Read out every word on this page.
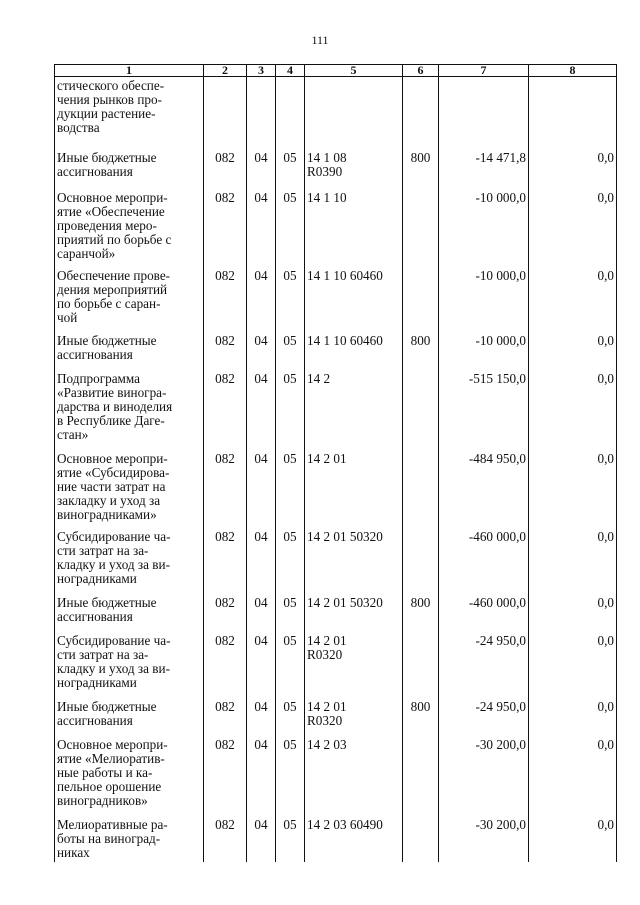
111
1	2	3	4	5	6	7	8

стического обеспе-
чения рынков про-
дукции растение-
водства							

Иные бюджетные
ассигнования	082	04	05	14 1 08
R0390	800	-14 471,8	0,0

Основное меропри-
ятие «Обеспечение
проведения меро-
приятий по борьбе с
саранчой»	082	04	05	14 1 10		-10 000,0	0,0

Обеспечение прове-
дения мероприятий
по борьбе с саран-
чой	082	04	05	14 1 10 60460		-10 000,0	0,0

Иные бюджетные
ассигнования	082	04	05	14 1 10 60460	800	-10 000,0	0,0

Подпрограмма
«Развитие виногра-
дарства и виноделия
в Республике Даге-
стан»	082	04	05	14 2		-515 150,0	0,0

Основное меропри-
ятие «Субсидирова-
ние части затрат на
закладку и уход за
виноградниками»	082	04	05	14 2 01		-484 950,0	0,0

Субсидирование ча-
сти затрат на за-
кладку и уход за ви-
ноградниками	082	04	05	14 2 01 50320		-460 000,0	0,0

Иные бюджетные
ассигнования	082	04	05	14 2 01 50320	800	-460 000,0	0,0

Субсидирование ча-
сти затрат на за-
кладку и уход за ви-
ноградниками	082	04	05	14 2 01
R0320		-24 950,0	0,0

Иные бюджетные
ассигнования	082	04	05	14 2 01
R0320	800	-24 950,0	0,0

Основное меропри-
ятие «Мелиоратив-
ные работы и ка-
пельное орошение
виноградников»	082	04	05	14 2 03		-30 200,0	0,0

Мелиоративные ра-
боты на виноград-
никах	082	04	05	14 2 03 60490		-30 200,0	0,0
